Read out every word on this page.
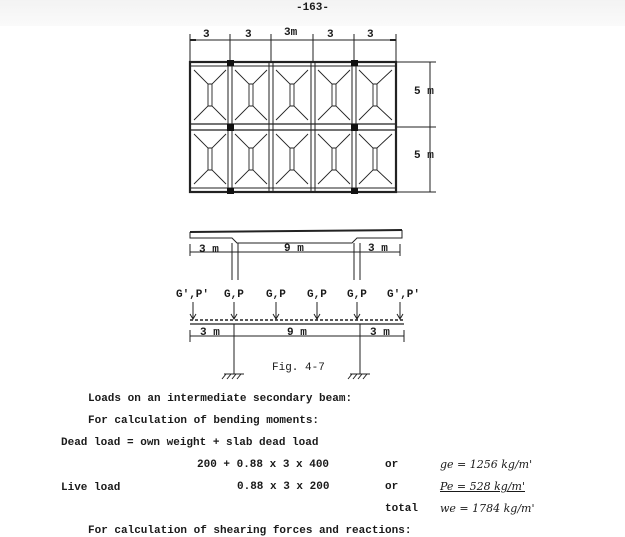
-163-
3	3	3m	3	3
5 m
5 m
3 m	9 m	3 m
G',P' G,P G,P G,P G,P G',P'
3 m	9 m	3 m
Fig. 4-7
Loads on an intermediate secondary beam:
For calculation of bending moments:
Dead load = own weight + slab dead load
200 + 0.88 x 3 x 400	or	ge = 1256 kg/m'
Live load	0.88 x 3 x 200	or	Pe = 528 kg/m'
total we = 1784 kg/m'
For calculation of shearing forces and reactions:
